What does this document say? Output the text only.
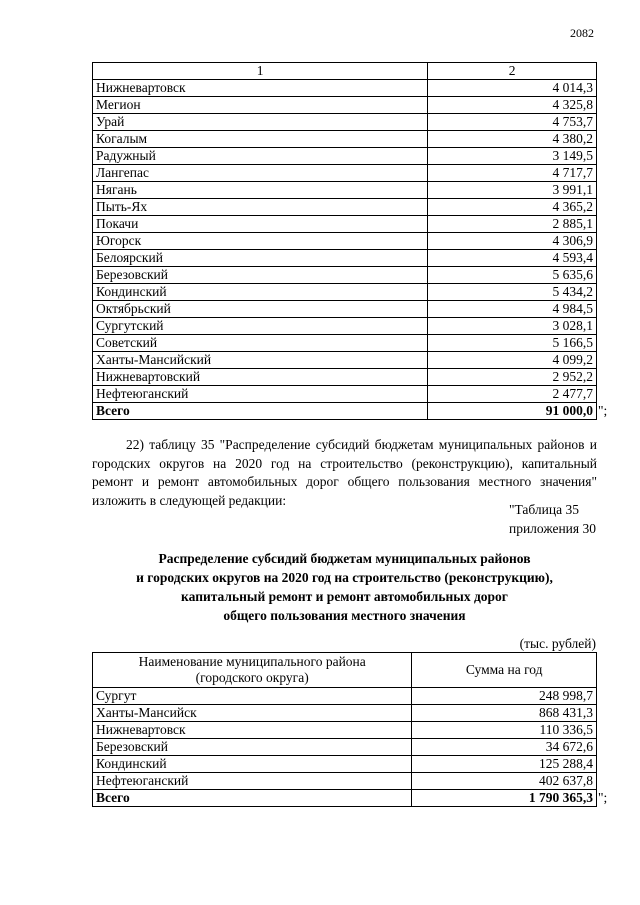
2082
1	2
Нижневартовск	4 014,3
Мегион	4 325,8
Урай	4 753,7
Когалым	4 380,2
Радужный	3 149,5
Лангепас	4 717,7
Нягань	3 991,1
Пыть-Ях	4 365,2
Покачи	2 885,1
Югорск	4 306,9
Белоярский	4 593,4
Березовский	5 635,6
Кондинский	5 434,2
Октябрьский	4 984,5
Сургутский	3 028,1
Советский	5 166,5
Ханты-Мансийский	4 099,2
Нижневартовский	2 952,2
Нефтеюганский	2 477,7
Всего	91 000,0 ";
22) таблицу 35 "Распределение субсидий бюджетам муниципальных районов и городских округов на 2020 год на строительство (реконструкцию), капитальный ремонт и ремонт автомобильных дорог общего пользования местного значения" изложить в следующей редакции:
"Таблица 35
приложения 30
Распределение субсидий бюджетам муниципальных районов
и городских округов на 2020 год на строительство (реконструкцию),
капитальный ремонт и ремонт автомобильных дорог
общего пользования местного значения
(тыс. рублей)
Наименование муниципального района
(городского округа)	Сумма на год
Сургут	248 998,7
Ханты-Мансийск	868 431,3
Нижневартовск	110 336,5
Березовский	34 672,6
Кондинский	125 288,4
Нефтеюганский	402 637,8
Всего	1 790 365,3 ";
